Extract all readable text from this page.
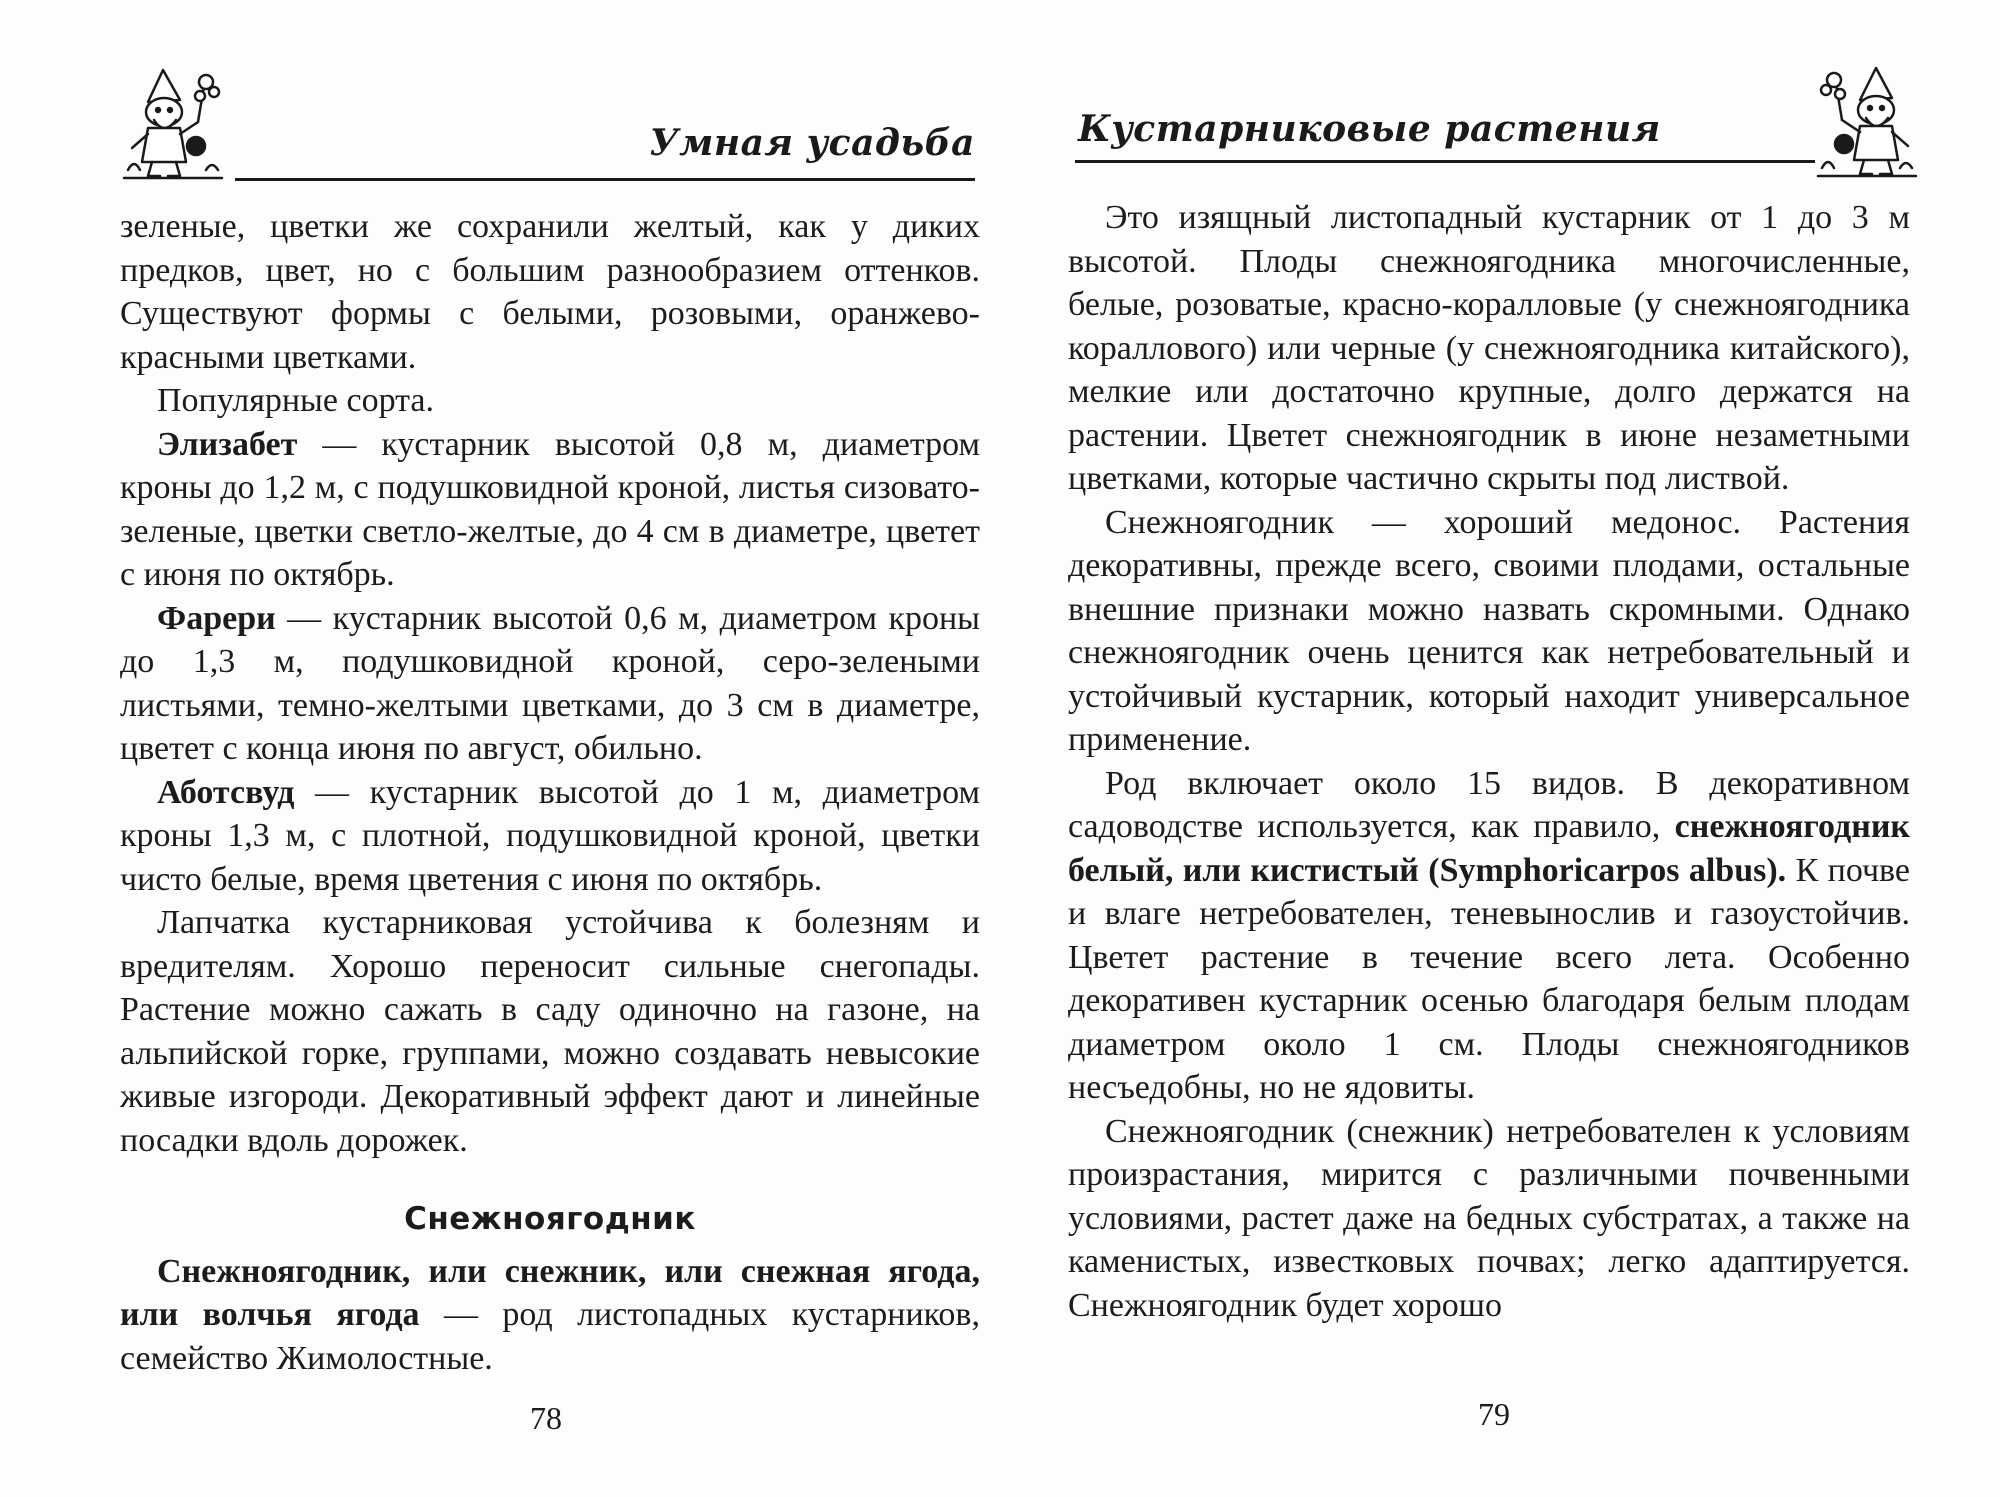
Умная усадьба

зеленые, цветки же сохранили желтый, как у диких предков, цвет, но с большим разнообразием оттенков. Существуют формы с белыми, розовыми, оранжево-красными цветками.

Популярные сорта.

Элизабет — кустарник высотой 0,8 м, диаметром кроны до 1,2 м, с подушковидной кроной, листья сизовато-зеленые, цветки светло-желтые, до 4 см в диаметре, цветет с июня по октябрь.

Фарери — кустарник высотой 0,6 м, диаметром кроны до 1,3 м, подушковидной кроной, серо-зелеными листьями, темно-желтыми цветками, до 3 см в диаметре, цветет с конца июня по август, обильно.

Аботсвуд — кустарник высотой до 1 м, диаметром кроны 1,3 м, с плотной, подушковидной кроной, цветки чисто белые, время цветения с июня по октябрь.

Лапчатка кустарниковая устойчива к болезням и вредителям. Хорошо переносит сильные снегопады. Растение можно сажать в саду одиночно на газоне, на альпийской горке, группами, можно создавать невысокие живые изгороди. Декоративный эффект дают и линейные посадки вдоль дорожек.

Снежноягодник

Снежноягодник, или снежник, или снежная ягода, или волчья ягода — род листопадных кустарников, семейство Жимолостные.

78
Кустарниковые растения

Это изящный листопадный кустарник от 1 до 3 м высотой. Плоды снежноягодника многочисленные, белые, розоватые, красно-коралловые (у снежноягодника кораллового) или черные (у снежноягодника китайского), мелкие или достаточно крупные, долго держатся на растении. Цветет снежноягодник в июне незаметными цветками, которые частично скрыты под листвой.

Снежноягодник — хороший медонос. Растения декоративны, прежде всего, своими плодами, остальные внешние признаки можно назвать скромными. Однако снежноягодник очень ценится как нетребовательный и устойчивый кустарник, который находит универсальное применение.

Род включает около 15 видов. В декоративном садоводстве используется, как правило, снежноягодник белый, или кистистый (Symphoricarpos albus). К почве и влаге нетребователен, теневынослив и газоустойчив. Цветет растение в течение всего лета. Особенно декоративен кустарник осенью благодаря белым плодам диаметром около 1 см. Плоды снежноягодников несъедобны, но не ядовиты.

Снежноягодник (снежник) нетребователен к условиям произрастания, мирится с различными почвенными условиями, растет даже на бедных субстратах, а также на каменистых, известковых почвах; легко адаптируется. Снежноягодник будет хорошо

79
